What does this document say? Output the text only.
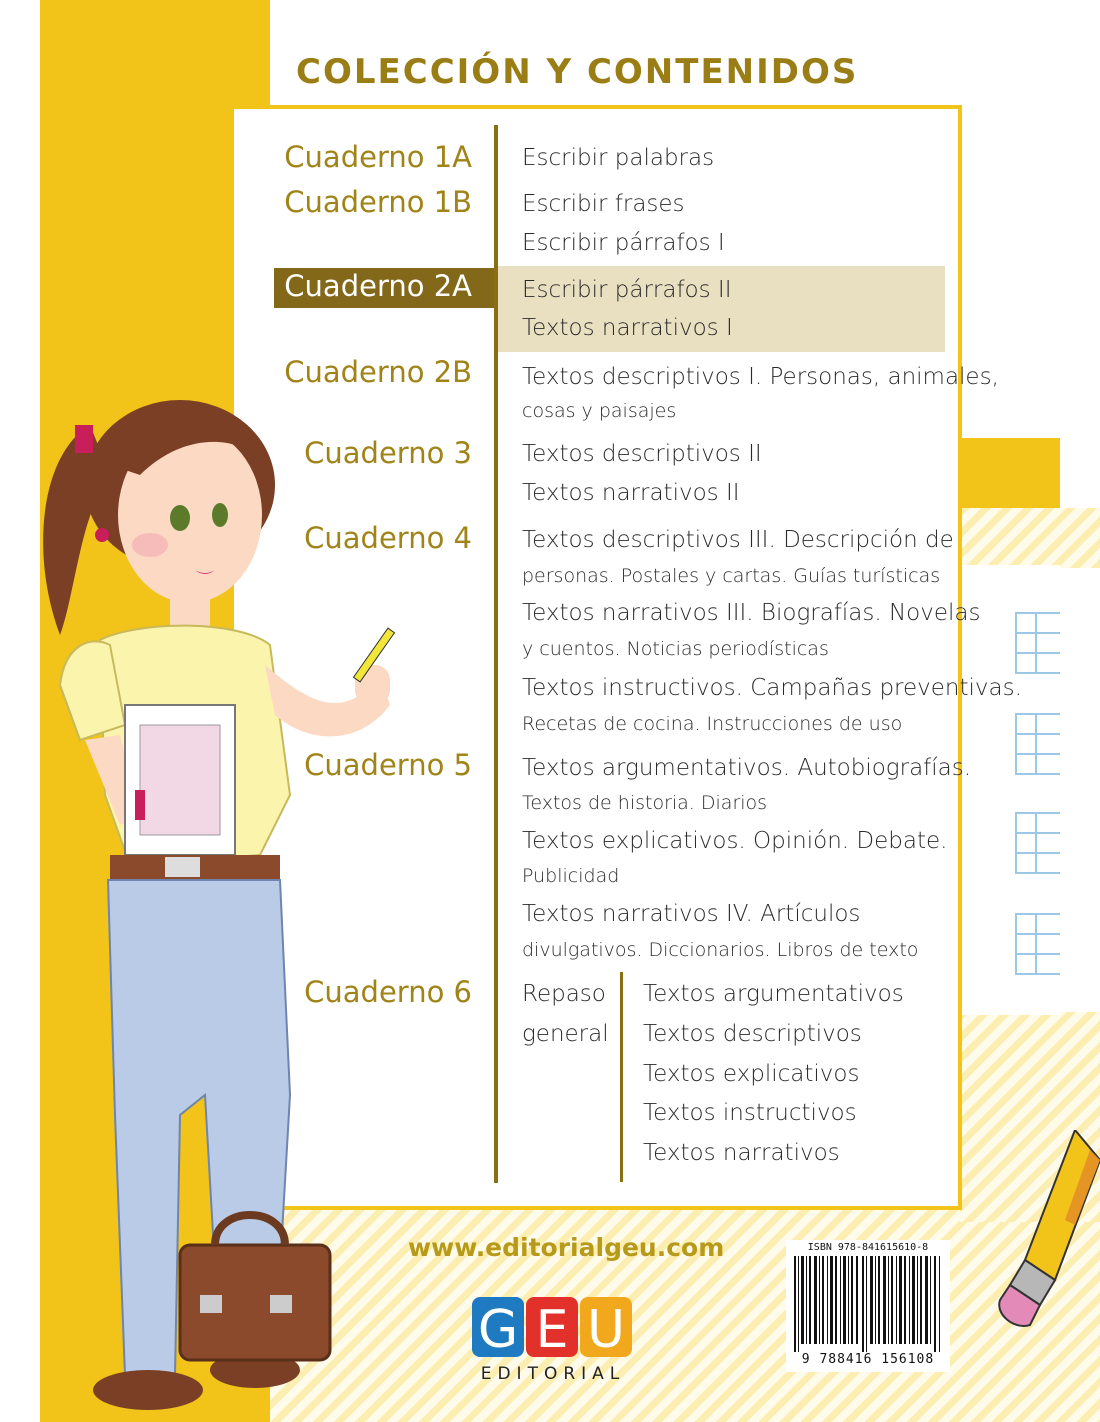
COLECCIÓN Y CONTENIDOS
Cuaderno 1A
Cuaderno 1B
Cuaderno 2A
Cuaderno 2B
Cuaderno 3
Cuaderno 4
Cuaderno 5
Cuaderno 6
Escribir palabras
Escribir frases
Escribir párrafos I
Escribir párrafos II
Textos narrativos I
Textos descriptivos I. Personas, animales,
cosas y paisajes
Textos descriptivos II
Textos narrativos II
Textos descriptivos III. Descripción de
personas. Postales y cartas. Guías turísticas
Textos narrativos III. Biografías. Novelas
y cuentos. Noticias periodísticas
Textos instructivos. Campañas preventivas.
Recetas de cocina. Instrucciones de uso
Textos argumentativos. Autobiografías.
Textos de historia. Diarios
Textos explicativos. Opinión. Debate.
Publicidad
Textos narrativos IV. Artículos
divulgativos. Diccionarios. Libros de texto
Repaso
general
Textos argumentativos
Textos descriptivos
Textos explicativos
Textos instructivos
Textos narrativos
www.editorialgeu.com
G E U
EDITORIAL
ISBN 978-841615610-8
9 788416 156108
